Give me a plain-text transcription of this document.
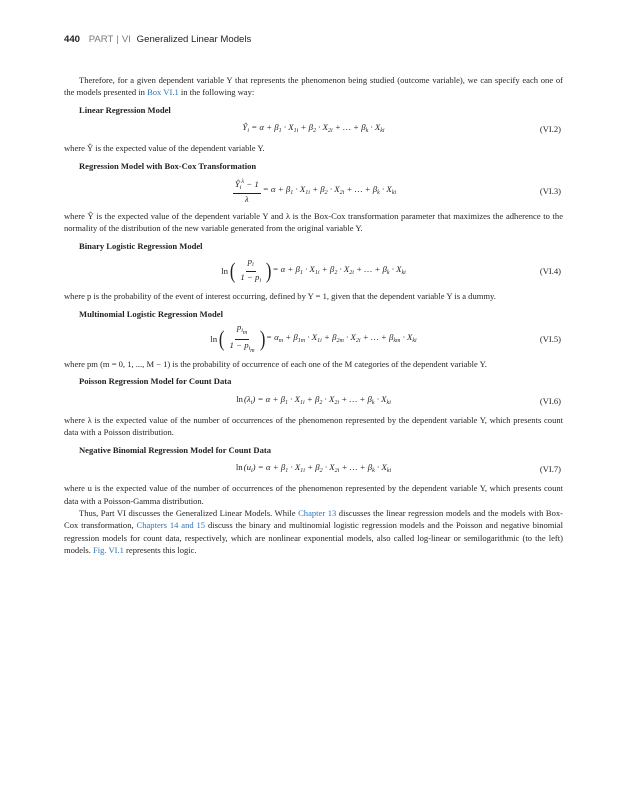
440 PART | VI Generalized Linear Models

Therefore, for a given dependent variable Y that represents the phenomenon being studied (outcome variable), we can specify each one of the models presented in Box VI.1 in the following way:

Linear Regression Model
$Ŷ_i = \alpha + \beta_1 \cdot X_{1i} + \beta_2 \cdot X_{2i}$ + … + $\beta_k \cdot X_{ki}$	(VI.2)

where Ŷ is the expected value of the dependent variable Y.

Regression Model with Box-Cox Transformation
$\frac{Ŷ_i^\lambda - 1}{\lambda} = \alpha + \beta_1 \cdot X_{1i} + \beta_2 \cdot X_{2i}$ + … + $\beta_k \cdot X_{ki}$	(VI.3)

where Ŷ is the expected value of the dependent variable Y and λ is the Box-Cox transformation parameter that maximizes the adherence to the normality of the distribution of the new variable generated from the original variable Y.

Binary Logistic Regression Model
ln ( $\frac{p_i}{1 - p_i}$ ) = $\alpha + \beta_1 \cdot X_{1i} + \beta_2 \cdot X_{2i}$ + … + $\beta_k \cdot X_{ki}$	(VI.4)

where p is the probability of the event of interest occurring, defined by Y = 1, given that the dependent variable Y is a dummy.

Multinomial Logistic Regression Model
ln ( $\frac{p_{i_m}}{1 - p_{i_m}}$ ) = $\alpha_m + \beta_{1m} \cdot X_{1i} + \beta_{2m} \cdot X_{2i}$ + … + $\beta_{km} \cdot X_{ki}$	(VI.5)

where pm (m = 0, 1, ..., M − 1) is the probability of occurrence of each one of the M categories of the dependent variable Y.

Poisson Regression Model for Count Data
$\ln(\lambda_i) = \alpha + \beta_1 \cdot X_{1i} + \beta_2 \cdot X_{2i}$ + … + $\beta_k \cdot X_{ki}$	(VI.6)

where λ is the expected value of the number of occurrences of the phenomenon represented by the dependent variable Y, which presents count data with a Poisson distribution.

Negative Binomial Regression Model for Count Data
$\ln(u_i) = \alpha + \beta_1 \cdot X_{1i} + \beta_2 \cdot X_{2i}$ + … + $\beta_k \cdot X_{ki}$	(VI.7)

where u is the expected value of the number of occurrences of the phenomenon represented by the dependent variable Y, which presents count data with a Poisson-Gamma distribution.

Thus, Part VI discusses the Generalized Linear Models. While Chapter 13 discusses the linear regression models and the models with Box-Cox transformation, Chapters 14 and 15 discuss the binary and multinomial logistic regression models and the Poisson and negative binomial regression models for count data, respectively, which are nonlinear exponential models, also called log-linear or semilogarithmic (to the left) models. Fig. VI.1 represents this logic.
